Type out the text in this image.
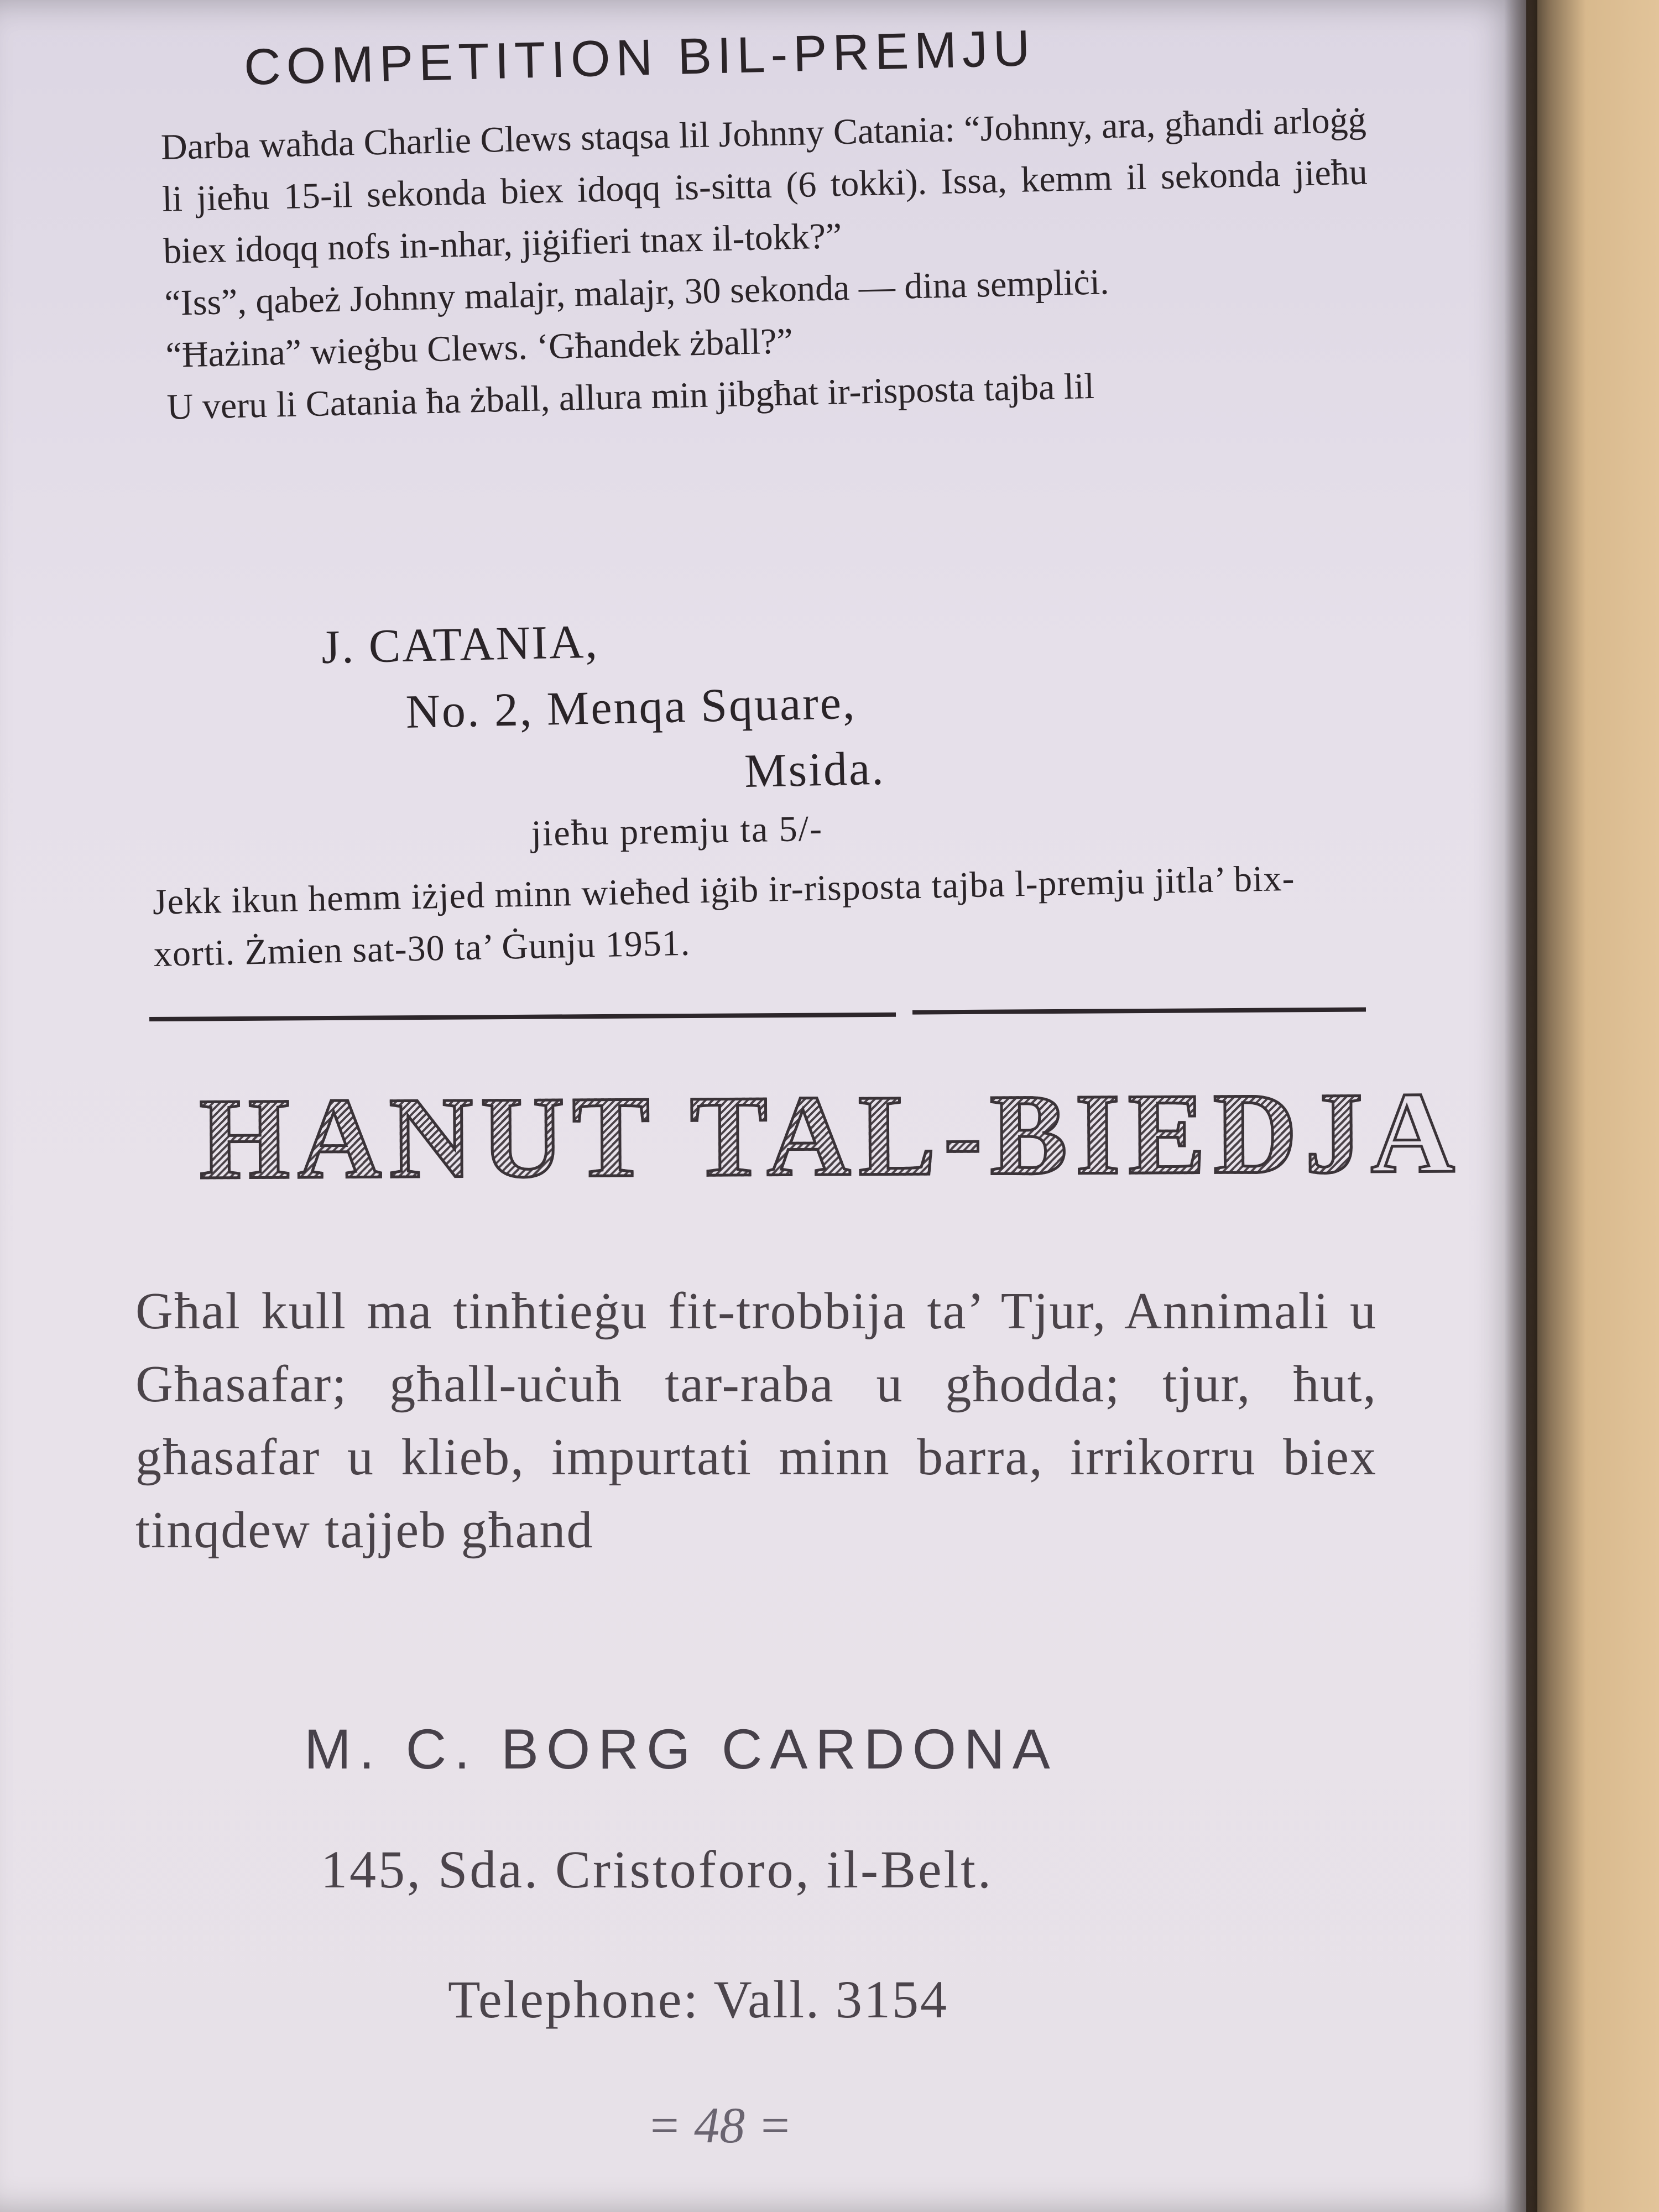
COMPETITION BIL-PREMJU

Darba waħda Charlie Clews staqsa lil Johnny Catania: “Johnny, ara, għandi arloġġ li jieħu 15-il sekonda biex idoqq is-sitta (6 tokki). Issa, kemm il sekonda jieħu biex idoqq nofs in-nhar, jiġifieri tnax il-tokk?”

“Iss”, qabeż Johnny malajr, malajr, 30 sekonda — dina sempliċi.

“Ħażina” wieġbu Clews. ‘Għandek żball?”

U veru li Catania ħa żball, allura min jibgħat ir-risposta tajba lil

J. CATANIA,
No. 2, Menqa Square,
Msida.
jieħu premju ta 5/-

Jekk ikun hemm iżjed minn wieħed iġib ir-risposta tajba l-premju jitla’ bix-xorti. Żmien sat-30 ta’ Ġunju 1951.

HANUT TAL-BIEDJA

Għal kull ma tinħtieġu fit-trobbija ta’ Tjur, Annimali u Għasafar; għall-uċuħ tar-raba u għodda; tjur, ħut, għasafar u klieb, impurtati minn barra, irrikorru biex tinqdew tajjeb għand

M. C. BORG CARDONA
145, Sda. Cristoforo, il-Belt.
Telephone: Vall. 3154
= 48 =
